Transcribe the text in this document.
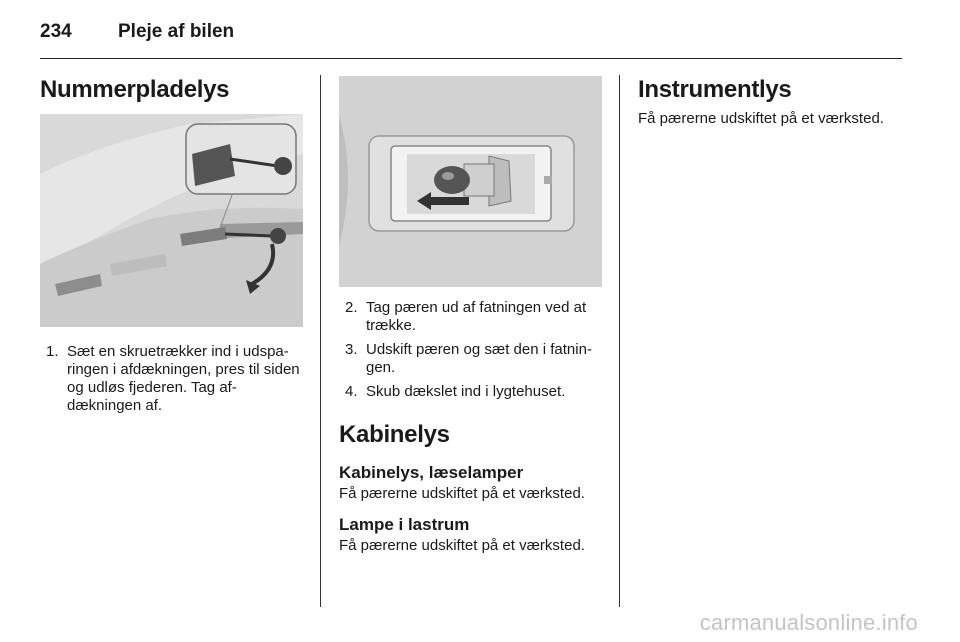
234 Pleje af bilen
Nummerpladelys
1. Sæt en skruetrækker ind i udsparingen i afdækningen, pres til siden og udløs fjederen. Tag afdækningen af.
2. Tag pæren ud af fatningen ved at trække.
3. Udskift pæren og sæt den i fatningen.
4. Skub dækslet ind i lygtehuset.
Kabinelys
Kabinelys, læselamper

Få pærerne udskiftet på et værksted.

Lampe i lastrum

Få pærerne udskiftet på et værksted.

Instrumentlys

Få pærerne udskiftet på et værksted.

carmanualsonline.info
